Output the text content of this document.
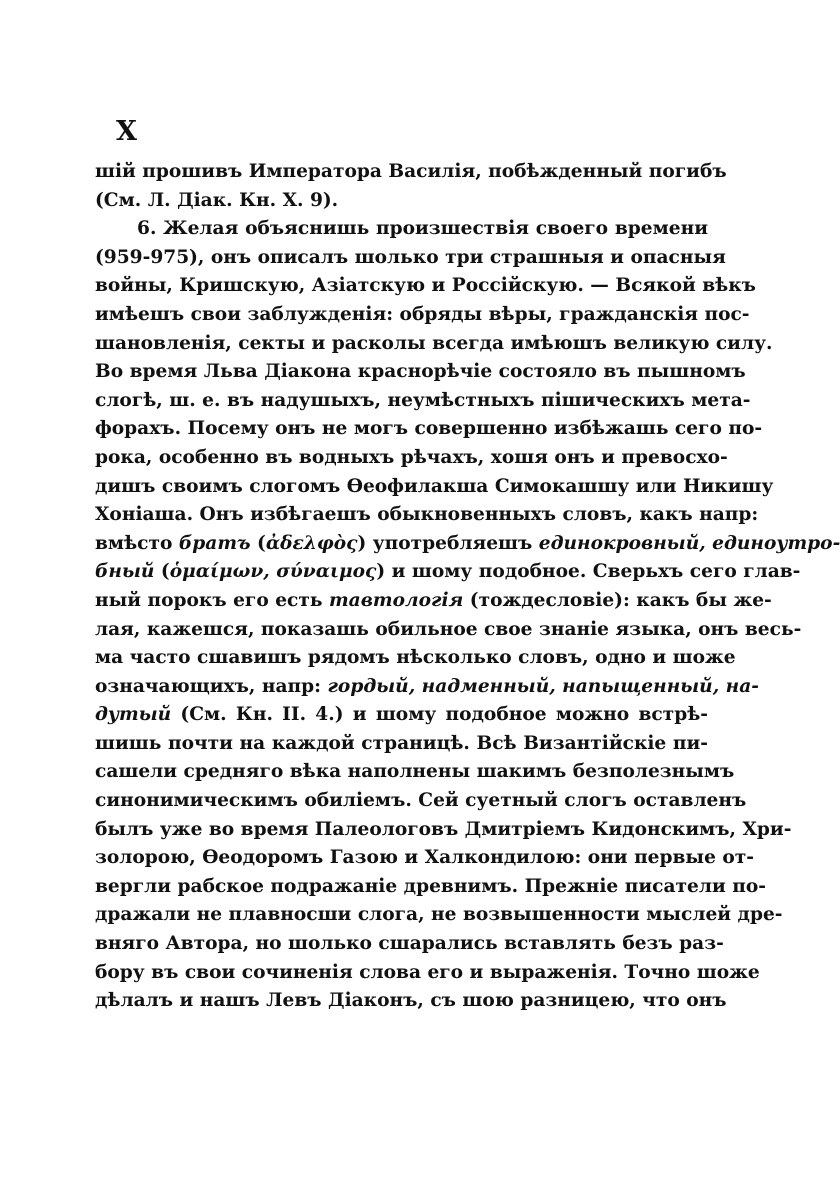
X
шій прошивъ Императора Василія, побѣжденный погибъ
(См. Л. Діак. Кн. X. 9).
6. Желая объяснишь произшествія своего времени
(959-975), онъ описалъ шолько три страшныя и опасныя
войны, Кришскую, Азіатскую и Россійскую. — Всякой вѣкъ
имѣешъ свои заблужденія: обряды вѣры, гражданскія пос-
шановленія, секты и расколы всегда имѣюшъ великую силу.
Во время Льва Діакона краснорѣчіе состояло въ пышномъ
слогѣ, ш. е. въ надушыхъ, неумѣстныхъ пішическихъ мета-
форахъ. Посему онъ не могъ совершенно избѣжашь сего по-
рока, особенно въ водныхъ рѣчахъ, хошя онъ и превосхо-
дишъ своимъ слогомъ Ѳеофилакша Симокашшу или Никишу
Хоніаша. Онъ избѣгаешъ обыкновенныхъ словъ, какъ напр:
вмѣсто братъ (ἀδελφὸς) употребляешъ единокровный, единоутро-
бный (ὁμαίμων, σύναιμος) и шому подобное. Сверьхъ сего глав-
ный порокъ его есть тавтологія (тождесловіе): какъ бы же-
лая, кажешся, показашь обильное свое знаніе языка, онъ весь-
ма часто сшавишъ рядомъ нѣсколько словъ, одно и шоже
означающихъ, напр: гордый, надменный, напыщенный, на-
дутый (См. Кн. II. 4.) и шому подобное можно встрѣ-
шишь почти на каждой страницѣ. Всѣ Византійскіе пи-
сашели средняго вѣка наполнены шакимъ безполезнымъ
синонимическимъ обиліемъ. Сей суетный слогъ оставленъ
былъ уже во время Палеологовъ Дмитріемъ Кидонскимъ, Хри-
золорою, Ѳеодоромъ Газою и Халкондилою: они первые от-
вергли рабское подражаніе древнимъ. Прежніе писатели по-
дражали не плавносши слога, не возвышенности мыслей дре-
вняго Автора, но шолько сшарались вставлять безъ раз-
бору въ свои сочиненія слова его и выраженія. Точно шоже
дѣлалъ и нашъ Левъ Діаконъ, съ шою разницею, что онъ
